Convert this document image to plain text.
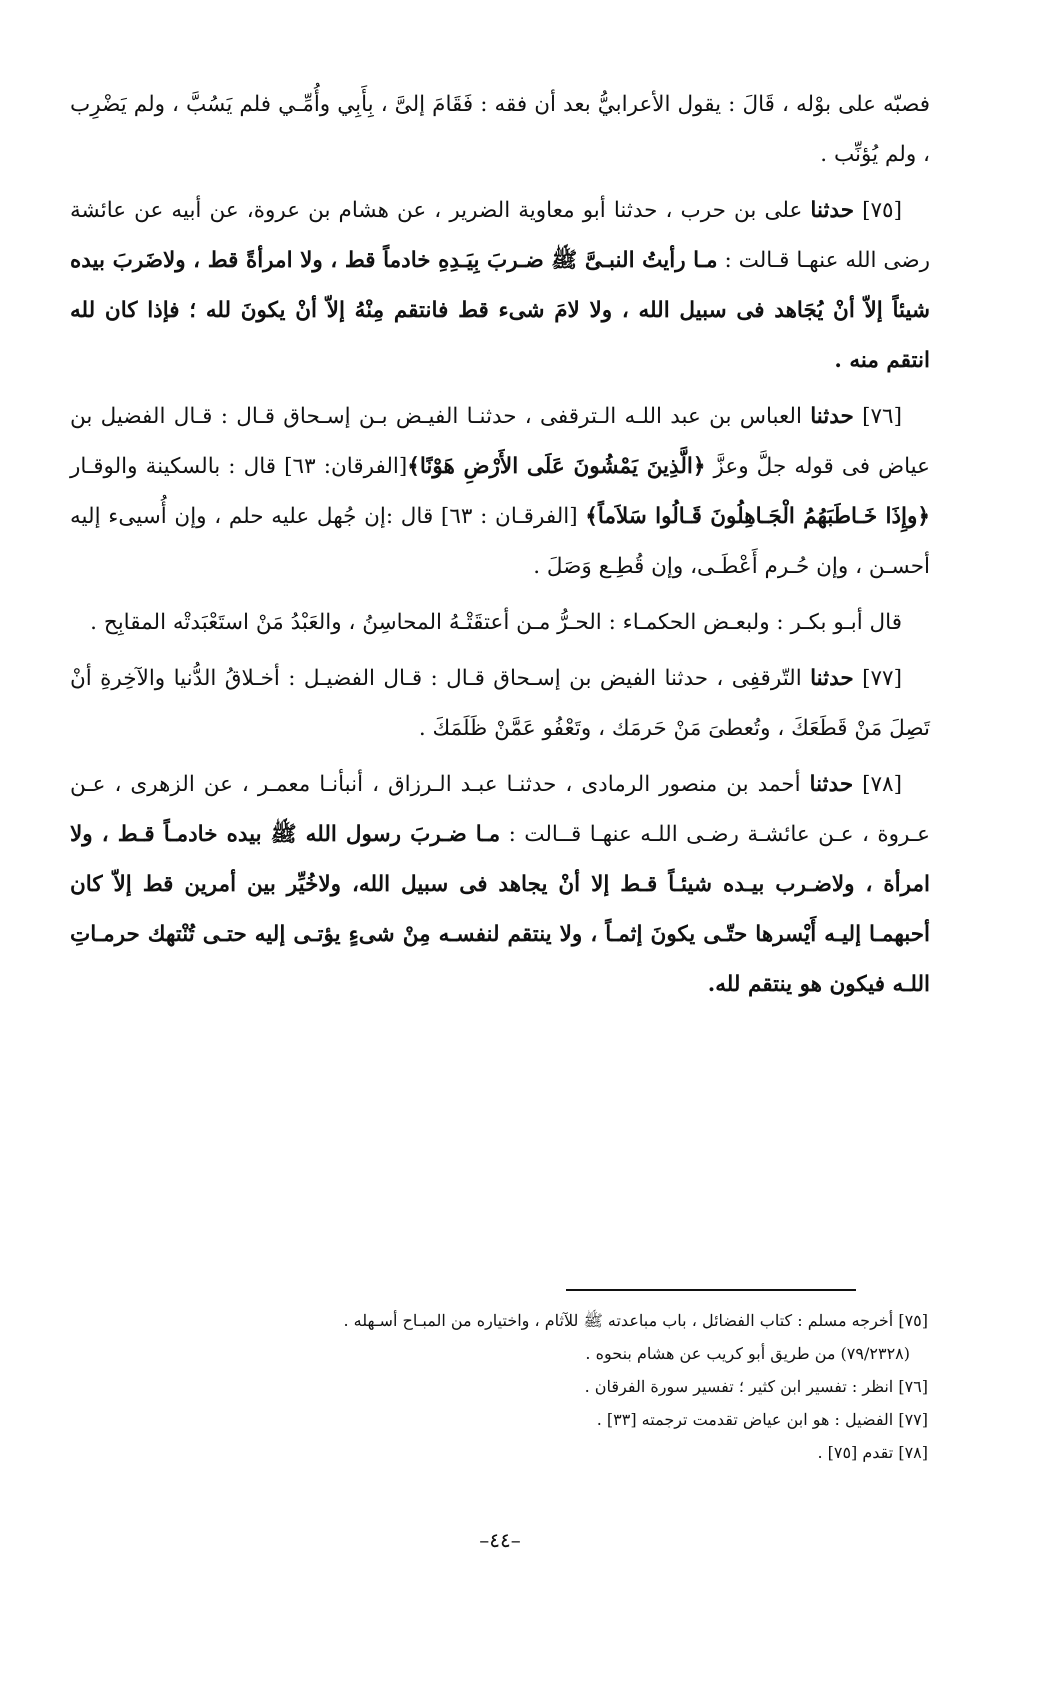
فصبّه على بوْله ، قَالَ : يقول الأعرابيُّ بعد أن فقه : فَقَامَ إلىَّ ، بِأَبِي وأُمِّـي فلم يَسُبَّ ، ولم يَضْرِب ، ولم يُؤنِّب .

[٧٥] حدثنا على بن حرب ، حدثنا أبو معاوية الضرير ، عن هشام بن عروة، عن أبيه عن عائشة رضى الله عنهـا قـالت : مـا رأيتُ النبـىَّ ﷺ ضـربَ بِيَـدِهِ خادماً قط ، ولا امرأةً قط ، ولاضَربَ بيده شيئاً إلاّ أنْ يُجَاهد فى سبيل الله ، ولا لامَ شىء قط فانتقم مِنْهُ إلاّ أنْ يكونَ لله ؛ فإذا كان لله انتقم منه .

[٧٦] حدثنا العباس بن عبد اللـه الـترقفى ، حدثنـا الفيـض بـن إسـحاق قـال : قـال الفضيل بن عياض فى قوله جلَّ وعزَّ ﴿الَّذِينَ يَمْشُونَ عَلَى الأَرْضِ هَوْنًا﴾[الفرقان: ٦٣] قال : بالسكينة والوقـار ﴿وإِذَا خَـاطَبَهُمُ الْجَـاهِلُونَ قَـالُوا سَلاَماً﴾ [الفرقـان : ٦٣] قال :إن جُهل عليه حلم ، وإن أُسيىء إليه أحسـن ، وإن حُـرم أَعْطَـى، وإن قُطِـع وَصَلَ .

قال أبـو بكـر : ولبعـض الحكمـاء : الحـرُّ مـن أعتقَتْـهُ المحاسِنُ ، والعَبْدُ مَنْ استَعْبَدتْه المقابِح .

[٧٧] حدثنا التّرقفِى ، حدثنا الفيض بن إسـحاق قـال : قـال الفضيـل : أخـلاقُ الدُّنيا والآخِرةِ أنْ تَصِلَ مَنْ قَطَعَكَ ، وتُعطىَ مَنْ حَرمَك ، وتَعْفُو عَمَّنْ ظَلَمَكَ .

[٧٨] حدثنا أحمد بن منصور الرمادى ، حدثنـا عبـد الـرزاق ، أنبأنـا معمـر ، عن الزهرى ، عـن عـروة ، عـن عائشـة رضـى اللـه عنهـا قــالت : مـا ضـربَ رسول الله ﷺ بيده خادمـاً قـط ، ولا امرأة ، ولاضـرب بيـده شيئـاً قـط إلا أنْ يجاهد فى سبيل الله، ولاخُيِّر بين أمرين قط إلاّ كان أحبهمـا إليـه أَيْسرها حتّـى يكونَ إثمـاً ، ولا ينتقم لنفسـه مِنْ شىءٍ يؤتـى إليه حتـى تُنْتهك حرمـاتِ اللـه فيكون هو ينتقم لله.

[٧٥] أخرجه مسلم : كتاب الفضائل ، باب مباعدته ﷺ للآثام ، واختياره من المبـاح أسـهله .

(٧٩/٢٣٢٨) من طريق أبو كريب عن هشام بنحوه .

[٧٦] انظر : تفسير ابن كثير ؛ تفسير سورة الفرقان .

[٧٧] الفضيل : هو ابن عياض تقدمت ترجمته [٣٣] .

[٧٨] تقدم [٧٥] .

–٤٤–
